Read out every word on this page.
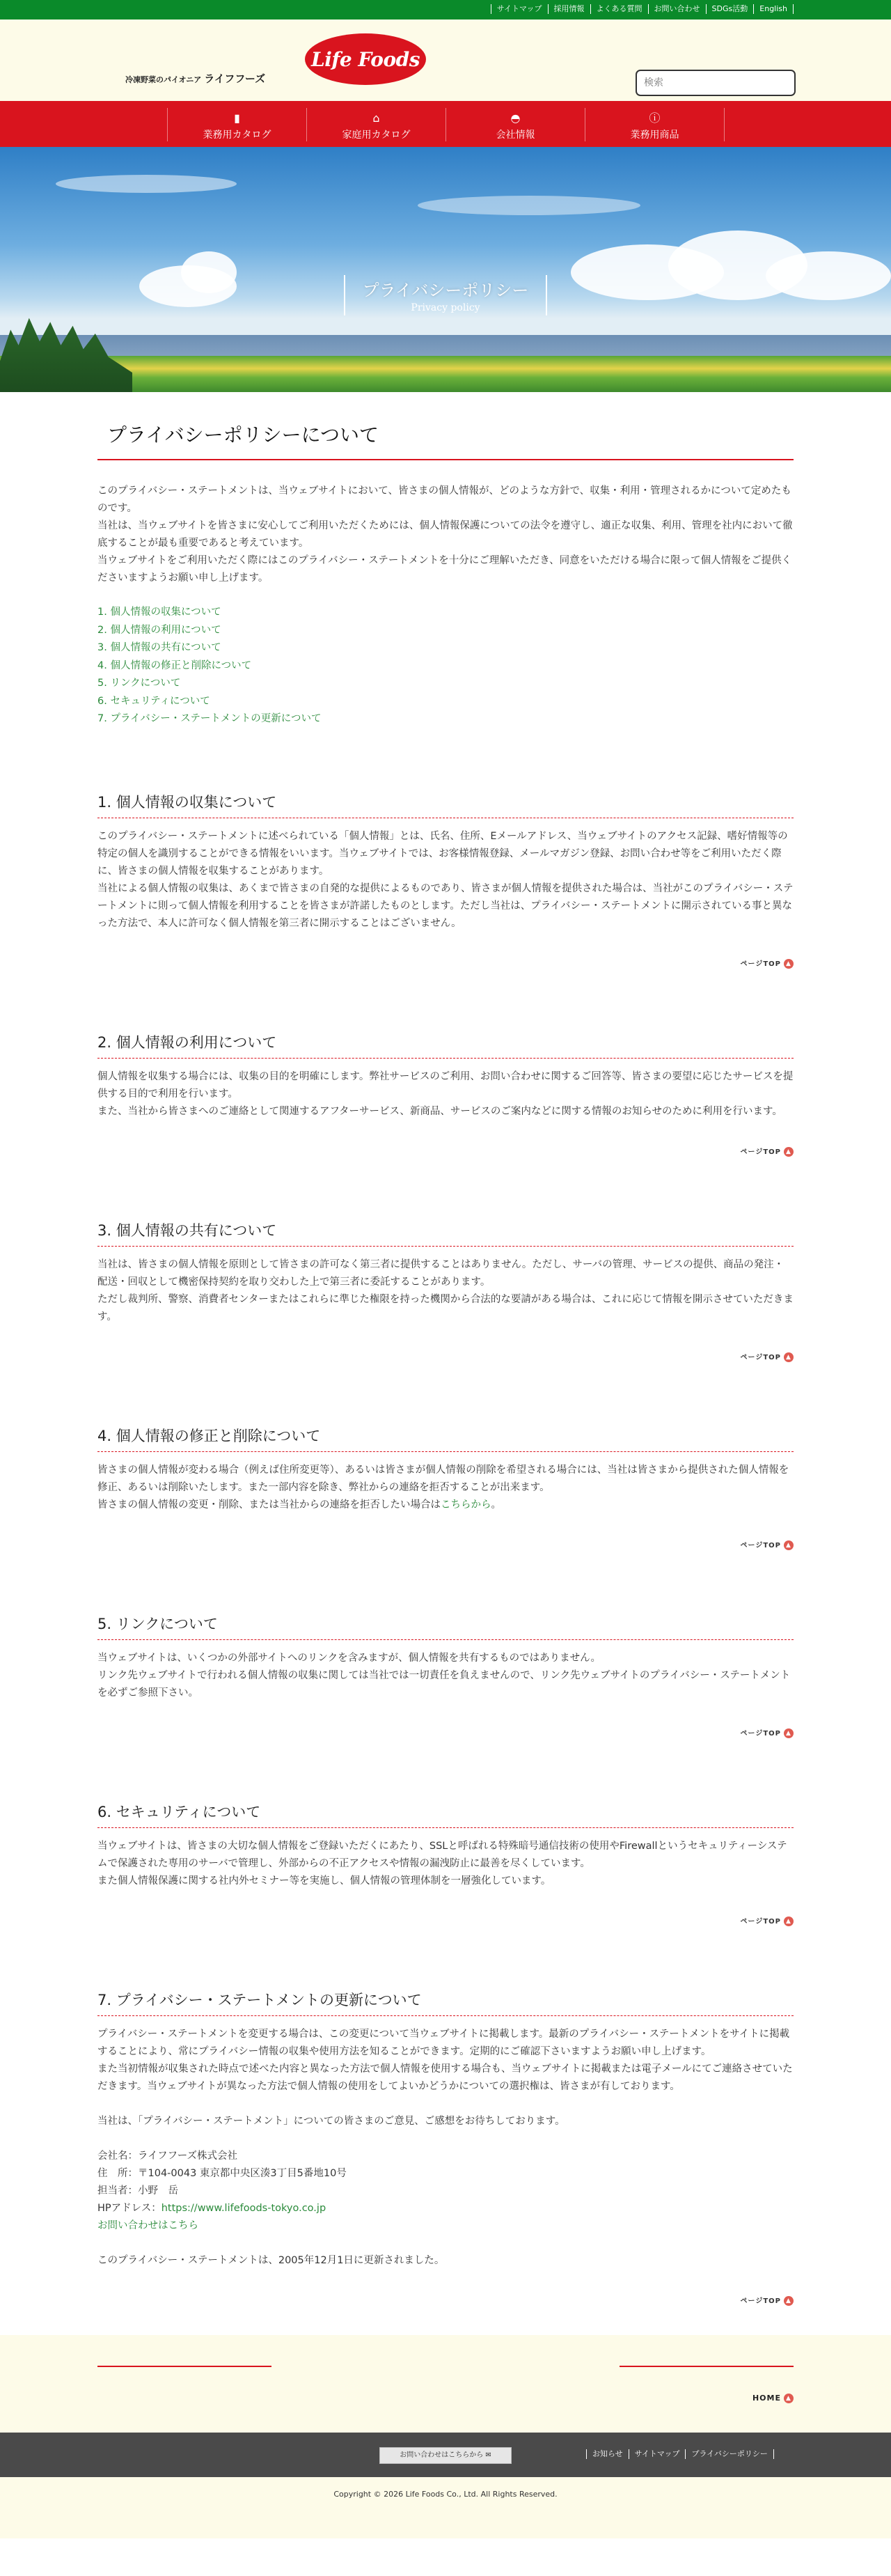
サイトマップ	採用情報	よくある質問	お問い合わせ	SDGs活動	English
冷凍野菜のパイオニア ライフフーズ
Life Foods
検索
▮
業務用カタログ
⌂
家庭用カタログ
◓
会社情報
ⓘ
業務用商品
プライバシーポリシー
Privacy policy
プライバシーポリシーについて

このプライバシー・ステートメントは、当ウェブサイトにおいて、皆さまの個人情報が、どのような方針で、収集・利用・管理されるかについて定めたものです。

当社は、当ウェブサイトを皆さまに安心してご利用いただくためには、個人情報保護についての法令を遵守し、適正な収集、利用、管理を社内において徹底することが最も重要であると考えています。

当ウェブサイトをご利用いただく際にはこのプライバシー・ステートメントを十分にご理解いただき、同意をいただける場合に限って個人情報をご提供くださいますようお願い申し上げます。

1. 個人情報の収集について
2. 個人情報の利用について
3. 個人情報の共有について
4. 個人情報の修正と削除について
5. リンクについて
6. セキュリティについて
7. プライバシー・ステートメントの更新について
1. 個人情報の収集について

このプライバシー・ステートメントに述べられている「個人情報」とは、氏名、住所、Eメールアドレス、当ウェブサイトのアクセス記録、嗜好情報等の特定の個人を識別することができる情報をいいます。当ウェブサイトでは、お客様情報登録、メールマガジン登録、お問い合わせ等をご利用いただく際に、皆さまの個人情報を収集することがあります。

当社による個人情報の収集は、あくまで皆さまの自発的な提供によるものであり、皆さまが個人情報を提供された場合は、当社がこのプライバシー・ステートメントに則って個人情報を利用することを皆さまが許諾したものとします。ただし当社は、プライバシー・ステートメントに開示されている事と異なった方法で、本人に許可なく個人情報を第三者に開示することはございません。

ページTOP ▲
2. 個人情報の利用について

個人情報を収集する場合には、収集の目的を明確にします。弊社サービスのご利用、お問い合わせに関するご回答等、皆さまの要望に応じたサービスを提供する目的で利用を行います。

また、当社から皆さまへのご連絡として関連するアフターサービス、新商品、サービスのご案内などに関する情報のお知らせのために利用を行います。

ページTOP ▲
3. 個人情報の共有について

当社は、皆さまの個人情報を原則として皆さまの許可なく第三者に提供することはありません。ただし、サーバの管理、サービスの提供、商品の発注・配送・回収として機密保持契約を取り交わした上で第三者に委託することがあります。

ただし裁判所、警察、消費者センターまたはこれらに準じた権限を持った機関から合法的な要請がある場合は、これに応じて情報を開示させていただきます。

ページTOP ▲
4. 個人情報の修正と削除について

皆さまの個人情報が変わる場合（例えば住所変更等）、あるいは皆さまが個人情報の削除を希望される場合には、当社は皆さまから提供された個人情報を修正、あるいは削除いたします。また一部内容を除き、弊社からの連絡を拒否することが出来ます。

皆さまの個人情報の変更・削除、または当社からの連絡を拒否したい場合はこちらから。

ページTOP ▲
5. リンクについて

当ウェブサイトは、いくつかの外部サイトへのリンクを含みますが、個人情報を共有するものではありません。

リンク先ウェブサイトで行われる個人情報の収集に関しては当社では一切責任を負えませんので、リンク先ウェブサイトのプライバシー・ステートメントを必ずご参照下さい。

ページTOP ▲
6. セキュリティについて

当ウェブサイトは、皆さまの大切な個人情報をご登録いただくにあたり、SSLと呼ばれる特殊暗号通信技術の使用やFirewallというセキュリティーシステムで保護された専用のサーバで管理し、外部からの不正アクセスや情報の漏洩防止に最善を尽くしています。

また個人情報保護に関する社内外セミナー等を実施し、個人情報の管理体制を一層強化しています。

ページTOP ▲
7. プライバシー・ステートメントの更新について

プライバシー・ステートメントを変更する場合は、この変更について当ウェブサイトに掲載します。最新のプライバシー・ステートメントをサイトに掲載することにより、常にプライバシー情報の収集や使用方法を知ることができます。定期的にご確認下さいますようお願い申し上げます。

また当初情報が収集された時点で述べた内容と異なった方法で個人情報を使用する場合も、当ウェブサイトに掲載または電子メールにてご連絡させていただきます。当ウェブサイトが異なった方法で個人情報の使用をしてよいかどうかについての選択権は、皆さまが有しております。

当社は、「プライバシー・ステートメント」についての皆さまのご意見、ご感想をお待ちしております。

会社名：ライフフーズ株式会社

住　所：〒104-0043 東京都中央区湊3丁目5番地10号

担当者：小野　岳

HPアドレス：https://www.lifefoods-tokyo.co.jp

お問い合わせはこちら

このプライバシー・ステートメントは、2005年12月1日に更新されました。

ページTOP ▲
HOME ▲
お問い合わせはこちらから ✉	お知らせ	サイトマップ	プライバシーポリシー
Copyright © 2026 Life Foods Co., Ltd. All Rights Reserved.
